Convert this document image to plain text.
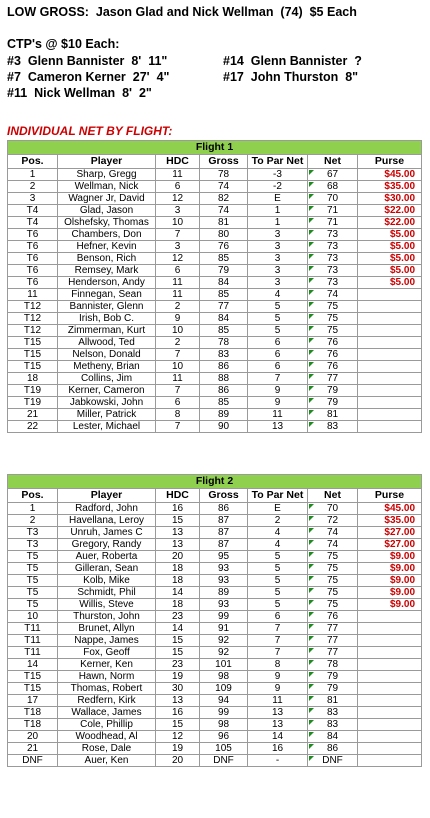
LOW GROSS:  Jason Glad and Nick Wellman  (74)  $5 Each
CTP's @ $10 Each:
#3  Glenn Bannister  8'  11"
#7  Cameron Kerner  27'  4"
#11  Nick Wellman  8'  2"
#14  Glenn Bannister  ?
#17  John Thurston  8"
INDIVIDUAL NET BY FLIGHT:
Flight 1						
Pos.	Player	HDC	Gross	To Par Net	Net	Purse
1	Sharp, Gregg	11	78	-3	67	$45.00
2	Wellman, Nick	6	74	-2	68	$35.00
3	Wagner Jr, David	12	82	E	70	$30.00
T4	Glad, Jason	3	74	1	71	$22.00
T4	Olshefsky, Thomas	10	81	1	71	$22.00
T6	Chambers, Don	7	80	3	73	$5.00
T6	Hefner, Kevin	3	76	3	73	$5.00
T6	Benson, Rich	12	85	3	73	$5.00
T6	Remsey, Mark	6	79	3	73	$5.00
T6	Henderson, Andy	11	84	3	73	$5.00
11	Finnegan, Sean	11	85	4	74	
T12	Bannister, Glenn	2	77	5	75	
T12	Irish, Bob C.	9	84	5	75	
T12	Zimmerman, Kurt	10	85	5	75	
T15	Allwood, Ted	2	78	6	76	
T15	Nelson, Donald	7	83	6	76	
T15	Metheny, Brian	10	86	6	76	
18	Collins, Jim	11	88	7	77	
T19	Kerner, Cameron	7	86	9	79	
T19	Jabkowski, John	6	85	9	79	
21	Miller, Patrick	8	89	11	81	
22	Lester, Michael	7	90	13	83	
Flight 2						
Pos.	Player	HDC	Gross	To Par Net	Net	Purse
1	Radford, John	16	86	E	70	$45.00
2	Havellana, Leroy	15	87	2	72	$35.00
T3	Unruh, James C	13	87	4	74	$27.00
T3	Gregory, Randy	13	87	4	74	$27.00
T5	Auer, Roberta	20	95	5	75	$9.00
T5	Gilleran, Sean	18	93	5	75	$9.00
T5	Kolb, Mike	18	93	5	75	$9.00
T5	Schmidt, Phil	14	89	5	75	$9.00
T5	Willis, Steve	18	93	5	75	$9.00
10	Thurston, John	23	99	6	76	
T11	Brunet, Allyn	14	91	7	77	
T11	Nappe, James	15	92	7	77	
T11	Fox, Geoff	15	92	7	77	
14	Kerner, Ken	23	101	8	78	
T15	Hawn, Norm	19	98	9	79	
T15	Thomas, Robert	30	109	9	79	
17	Redfern, Kirk	13	94	11	81	
T18	Wallace, James	16	99	13	83	
T18	Cole, Phillip	15	98	13	83	
20	Woodhead, Al	12	96	14	84	
21	Rose, Dale	19	105	16	86	
DNF	Auer, Ken	20	DNF	-	DNF	
